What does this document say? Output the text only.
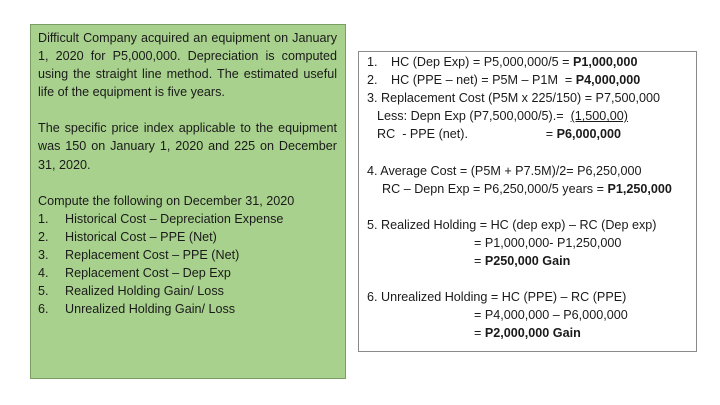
Difficult Company acquired an equipment on January 1, 2020 for P5,000,000. Depreciation is computed using the straight line method. The estimated useful life of the equipment is five years.

The specific price index applicable to the equipment was 150 on January 1, 2020 and 225 on December 31, 2020.

Compute the following on December 31, 2020

1.	Historical Cost – Depreciation Expense
2.	Historical Cost – PPE (Net)
3.	Replacement Cost – PPE (Net)
4.	Replacement Cost – Dep Exp
5.	Realized Holding Gain/ Loss
6.	Unrealized Holding Gain/ Loss
1.	HC (Dep Exp) = P5,000,000/5 = P1,000,000
2.	HC (PPE – net) = P5M – P1M  = P4,000,000
3. Replacement Cost (P5M x 225/150) = P7,500,000
Less: Depn Exp (P7,500,000/5). = (1,500,00)
RC  - PPE (net).	= P6,000,000
4. Average Cost = (P5M + P7.5M)/2= P6,250,000
RC – Depn Exp = P6,250,000/5 years = P1,250,000
5. Realized Holding = HC (dep exp) – RC (Dep exp)
= P1,000,000- P1,250,000
= P250,000 Gain
6. Unrealized Holding = HC (PPE) – RC (PPE)
= P4,000,000 – P6,000,000
= P2,000,000 Gain
